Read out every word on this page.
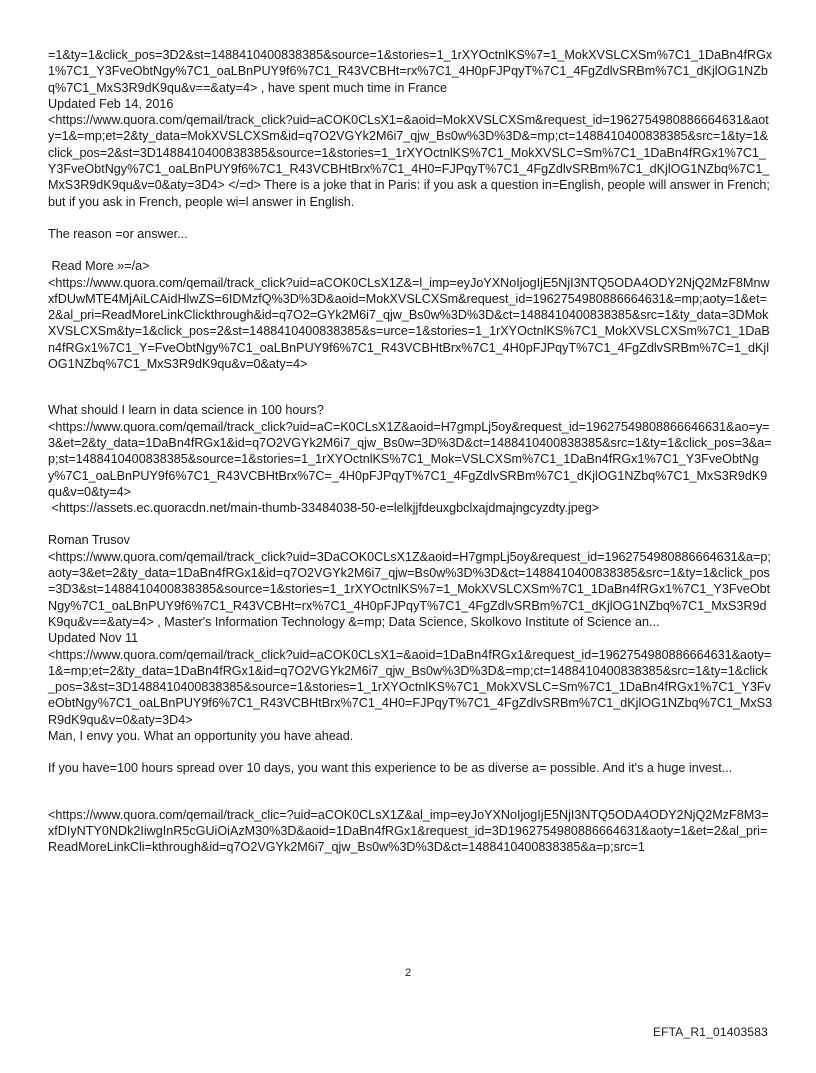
=1&ty=1&click_pos=3D2&st=1488410400838385&source=1&stories=1_1rXYOctnlKS%7=1_MokXVSLCXSm%7C1_1DaBn4fRGx1%7C1_Y3FveObtNgy%7C1_oaLBnPUY9f6%7C1_R43VCBHt=rx%7C1_4H0pFJPqyT%7C1_4FgZdlvSRBm%7C1_dKjlOG1NZbq%7C1_MxS3R9dK9qu&v==&aty=4> , have spent much time in France

Updated Feb 14, 2016

<https://www.quora.com/qemail/track_click?uid=aCOK0CLsX1=&aoid=MokXVSLCXSm&request_id=1962754980886664631&aoty=1&=mp;et=2&ty_data=MokXVSLCXSm&id=q7O2VGYk2M6i7_qjw_Bs0w%3D%3D&=mp;ct=1488410400838385&src=1&ty=1&click_pos=2&st=3D1488410400838385&source=1&stories=1_1rXYOctnlKS%7C1_MokXVSLC=Sm%7C1_1DaBn4fRGx1%7C1_Y3FveObtNgy%7C1_oaLBnPUY9f6%7C1_R43VCBHtBrx%7C1_4H0=FJPqyT%7C1_4FgZdlvSRBm%7C1_dKjlOG1NZbq%7C1_MxS3R9dK9qu&v=0&aty=3D4> </=d> There is a joke that in Paris: if you ask a question in=English, people will answer in French; but if you ask in French, people wi=l answer in English.

The reason =or answer...

Read More »=/a>

<https://www.quora.com/qemail/track_click?uid=aCOK0CLsX1Z&=l_imp=eyJoYXNoIjogIjE5NjI3NTQ5ODA4ODY2NjQ2MzF8MnwxfDUwMTE4MjAiLCAidHlwZS=6IDMzfQ%3D%3D&aoid=MokXVSLCXSm&request_id=1962754980886664631&=mp;aoty=1&et=2&al_pri=ReadMoreLinkClickthrough&id=q7O2=GYk2M6i7_qjw_Bs0w%3D%3D&ct=1488410400838385&src=1&ty_data=3DMokXVSLCXSm&ty=1&click_pos=2&st=1488410400838385&s=urce=1&stories=1_1rXYOctnlKS%7C1_MokXVSLCXSm%7C1_1DaBn4fRGx1%7C1_Y=FveObtNgy%7C1_oaLBnPUY9f6%7C1_R43VCBHtBrx%7C1_4H0pFJPqyT%7C1_4FgZdlvSRBm%7C=1_dKjlOG1NZbq%7C1_MxS3R9dK9qu&v=0&aty=4>

What should I learn in data science in 100 hours?

<https://www.quora.com/qemail/track_click?uid=aC=K0CLsX1Z&aoid=H7gmpLj5oy&request_id=19627549808866646631&ao=y=3&et=2&ty_data=1DaBn4fRGx1&id=q7O2VGYk2M6i7_qjw_Bs0w=3D%3D&ct=1488410400838385&src=1&ty=1&click_pos=3&a=p;st=1488410400838385&source=1&stories=1_1rXYOctnlKS%7C1_Mok=VSLCXSm%7C1_1DaBn4fRGx1%7C1_Y3FveObtNgy%7C1_oaLBnPUY9f6%7C1_R43VCBHtBrx%7C=_4H0pFJPqyT%7C1_4FgZdlvSRBm%7C1_dKjlOG1NZbq%7C1_MxS3R9dK9qu&v=0&ty=4>

<https://assets.ec.quoracdn.net/main-thumb-33484038-50-e=lelkjjfdeuxgbclxajdmajngcyzdty.jpeg>

Roman Trusov

<https://www.quora.com/qemail/track_click?uid=3DaCOK0CLsX1Z&aoid=H7gmpLj5oy&request_id=1962754980886664631&a=p;aoty=3&et=2&ty_data=1DaBn4fRGx1&id=q7O2VGYk2M6i7_qjw=Bs0w%3D%3D&ct=1488410400838385&src=1&ty=1&click_pos=3D3&st=1488410400838385&source=1&stories=1_1rXYOctnlKS%7=1_MokXVSLCXSm%7C1_1DaBn4fRGx1%7C1_Y3FveObtNgy%7C1_oaLBnPUY9f6%7C1_R43VCBHt=rx%7C1_4H0pFJPqyT%7C1_4FgZdlvSRBm%7C1_dKjlOG1NZbq%7C1_MxS3R9dK9qu&v==&aty=4> , Master's Information Technology &=mp; Data Science, Skolkovo Institute of Science an...

Updated Nov 11

<https://www.quora.com/qemail/track_click?uid=aCOK0CLsX1=&aoid=1DaBn4fRGx1&request_id=1962754980886664631&aoty=1&=mp;et=2&ty_data=1DaBn4fRGx1&id=q7O2VGYk2M6i7_qjw_Bs0w%3D%3D&=mp;ct=1488410400838385&src=1&ty=1&click_pos=3&st=3D1488410400838385&source=1&stories=1_1rXYOctnlKS%7C1_MokXVSLC=Sm%7C1_1DaBn4fRGx1%7C1_Y3FveObtNgy%7C1_oaLBnPUY9f6%7C1_R43VCBHtBrx%7C1_4H0=FJPqyT%7C1_4FgZdlvSRBm%7C1_dKjlOG1NZbq%7C1_MxS3R9dK9qu&v=0&aty=3D4>

Man, I envy you. What an opportunity you have ahead.

If you have=100 hours spread over 10 days, you want this experience to be as diverse a= possible. And it's a huge invest...

<https://www.quora.com/qemail/track_clic=?uid=aCOK0CLsX1Z&al_imp=eyJoYXNoIjogIjE5NjI3NTQ5ODA4ODY2NjQ2MzF8M3=xfDIyNTY0NDk2IiwgInR5cGUiOiAzM30%3D&aoid=1DaBn4fRGx1&request_id=3D1962754980886664631&aoty=1&et=2&al_pri=ReadMoreLinkCli=kthrough&id=q7O2VGYk2M6i7_qjw_Bs0w%3D%3D&ct=1488410400838385&a=p;src=1

2
EFTA_R1_01403583
